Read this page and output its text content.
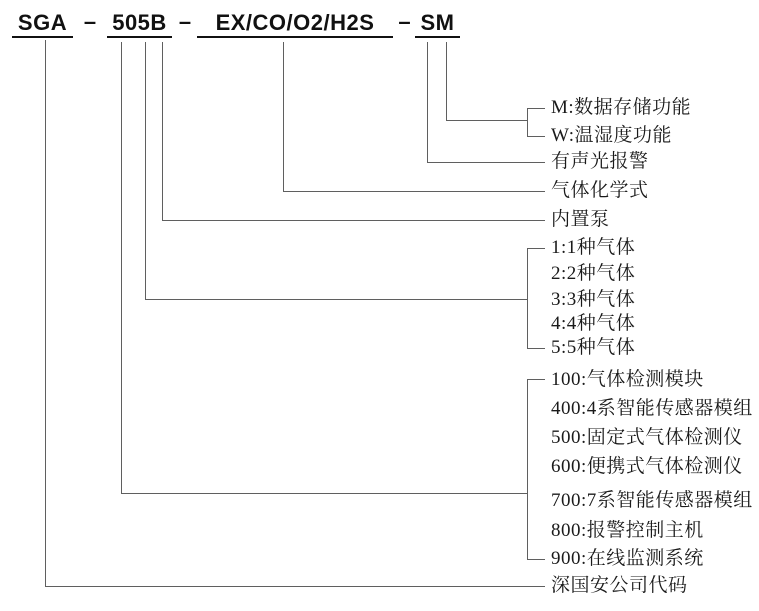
SGA – 505B –	EX/CO/O2/H2S	– SM
M:数据存储功能
W:温湿度功能
有声光报警
气体化学式
内置泵
1:1种气体
2:2种气体
3:3种气体
4:4种气体
5:5种气体
100:气体检测模块
400:4系智能传感器模组
500:固定式气体检测仪
600:便携式气体检测仪
700:7系智能传感器模组
800:报警控制主机
900:在线监测系统
深国安公司代码
